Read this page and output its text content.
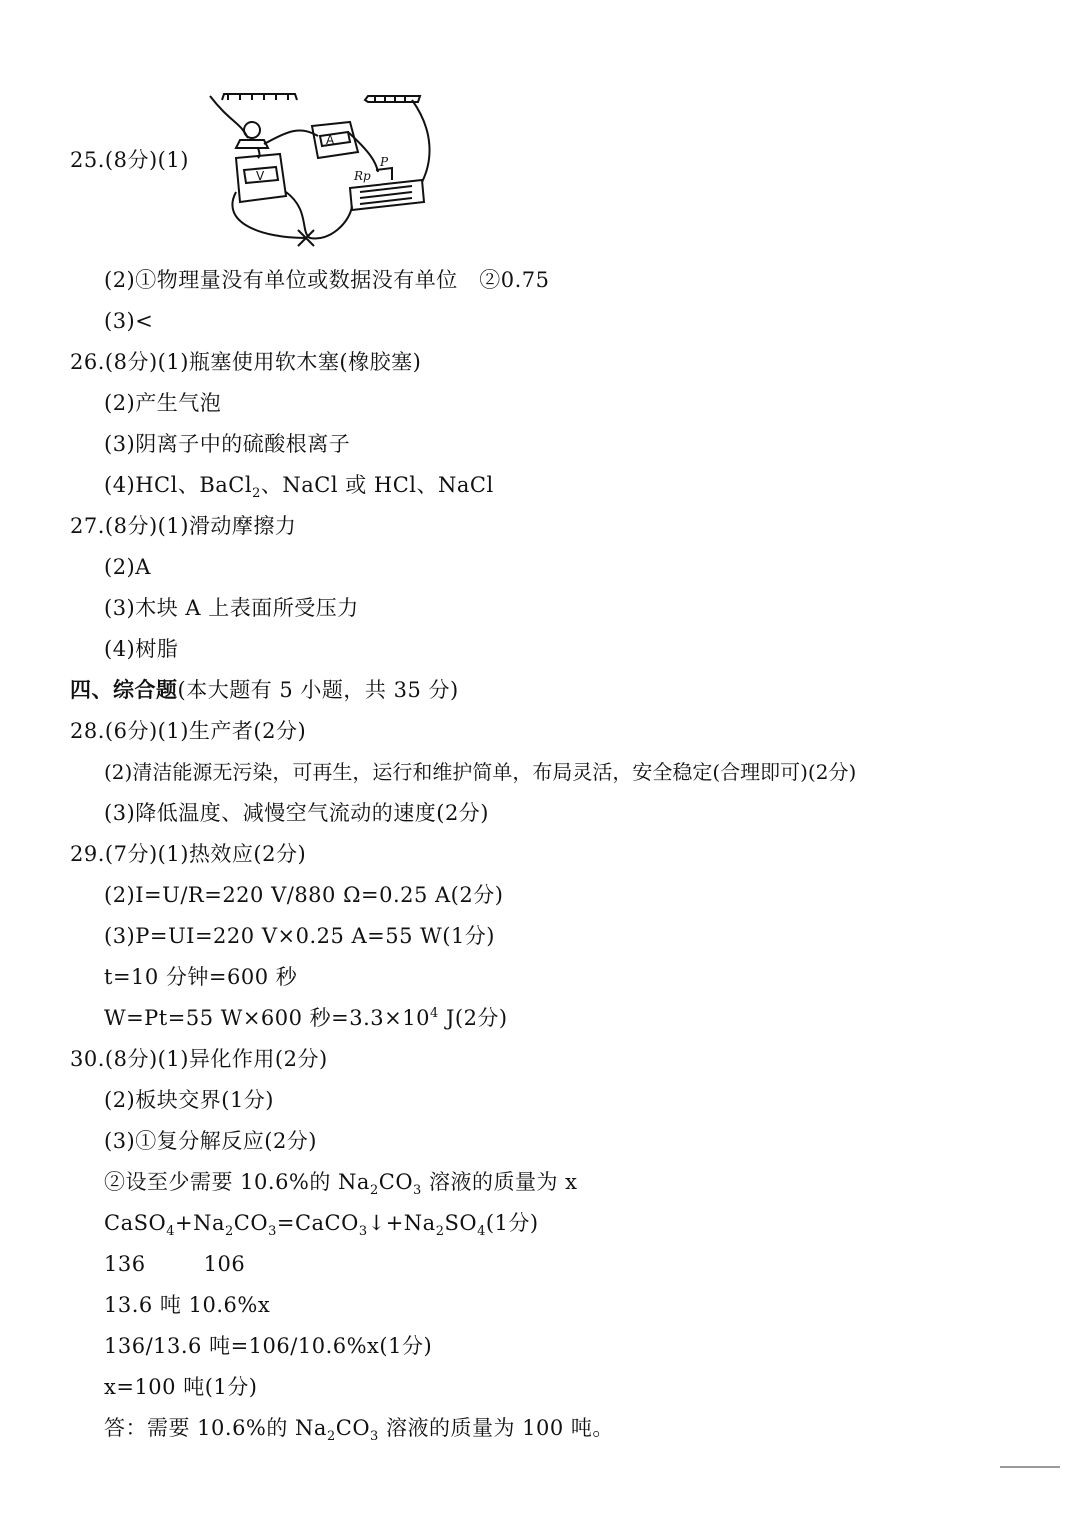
25.(8分)(1)
A
V	Rp
P
(2)①物理量没有单位或数据没有单位　②0.75
(3)<
26.(8分)(1)瓶塞使用软木塞(橡胶塞)
(2)产生气泡
(3)阴离子中的硫酸根离子
(4)HCl、BaCl$_2$、NaCl 或 HCl、NaCl
27.(8分)(1)滑动摩擦力
(2)A
(3)木块 A 上表面所受压力
(4)树脂
四、综合题(本大题有 5 小题，共 35 分)
28.(6分)(1)生产者(2分)
(2)清洁能源无污染，可再生，运行和维护简单，布局灵活，安全稳定(合理即可)(2分)
(3)降低温度、减慢空气流动的速度(2分)
29.(7分)(1)热效应(2分)
(2)I=U/R=220 V/880 Ω=0.25 A(2分)
(3)P=UI=220 V×0.25 A=55 W(1分)
t=10 分钟=600 秒
W=Pt=55 W×600 秒$=3.3\times 10^4$ J(2分)
30.(8分)(1)异化作用(2分)
(2)板块交界(1分)
(3)①复分解反应(2分)
②设至少需要 10.6%的 $Na_2CO_3$ 溶液的质量为 x
$CaSO_4+Na_2CO_3=CaCO_3↓+Na_2SO_4(1$分)
136	106
13.6 吨 10.6%x
136/13.6 吨=106/10.6%x(1分)
x=100 吨(1分)
答：需要 10.6%的 $Na_2CO_3$ 溶液的质量为 100 吨。
